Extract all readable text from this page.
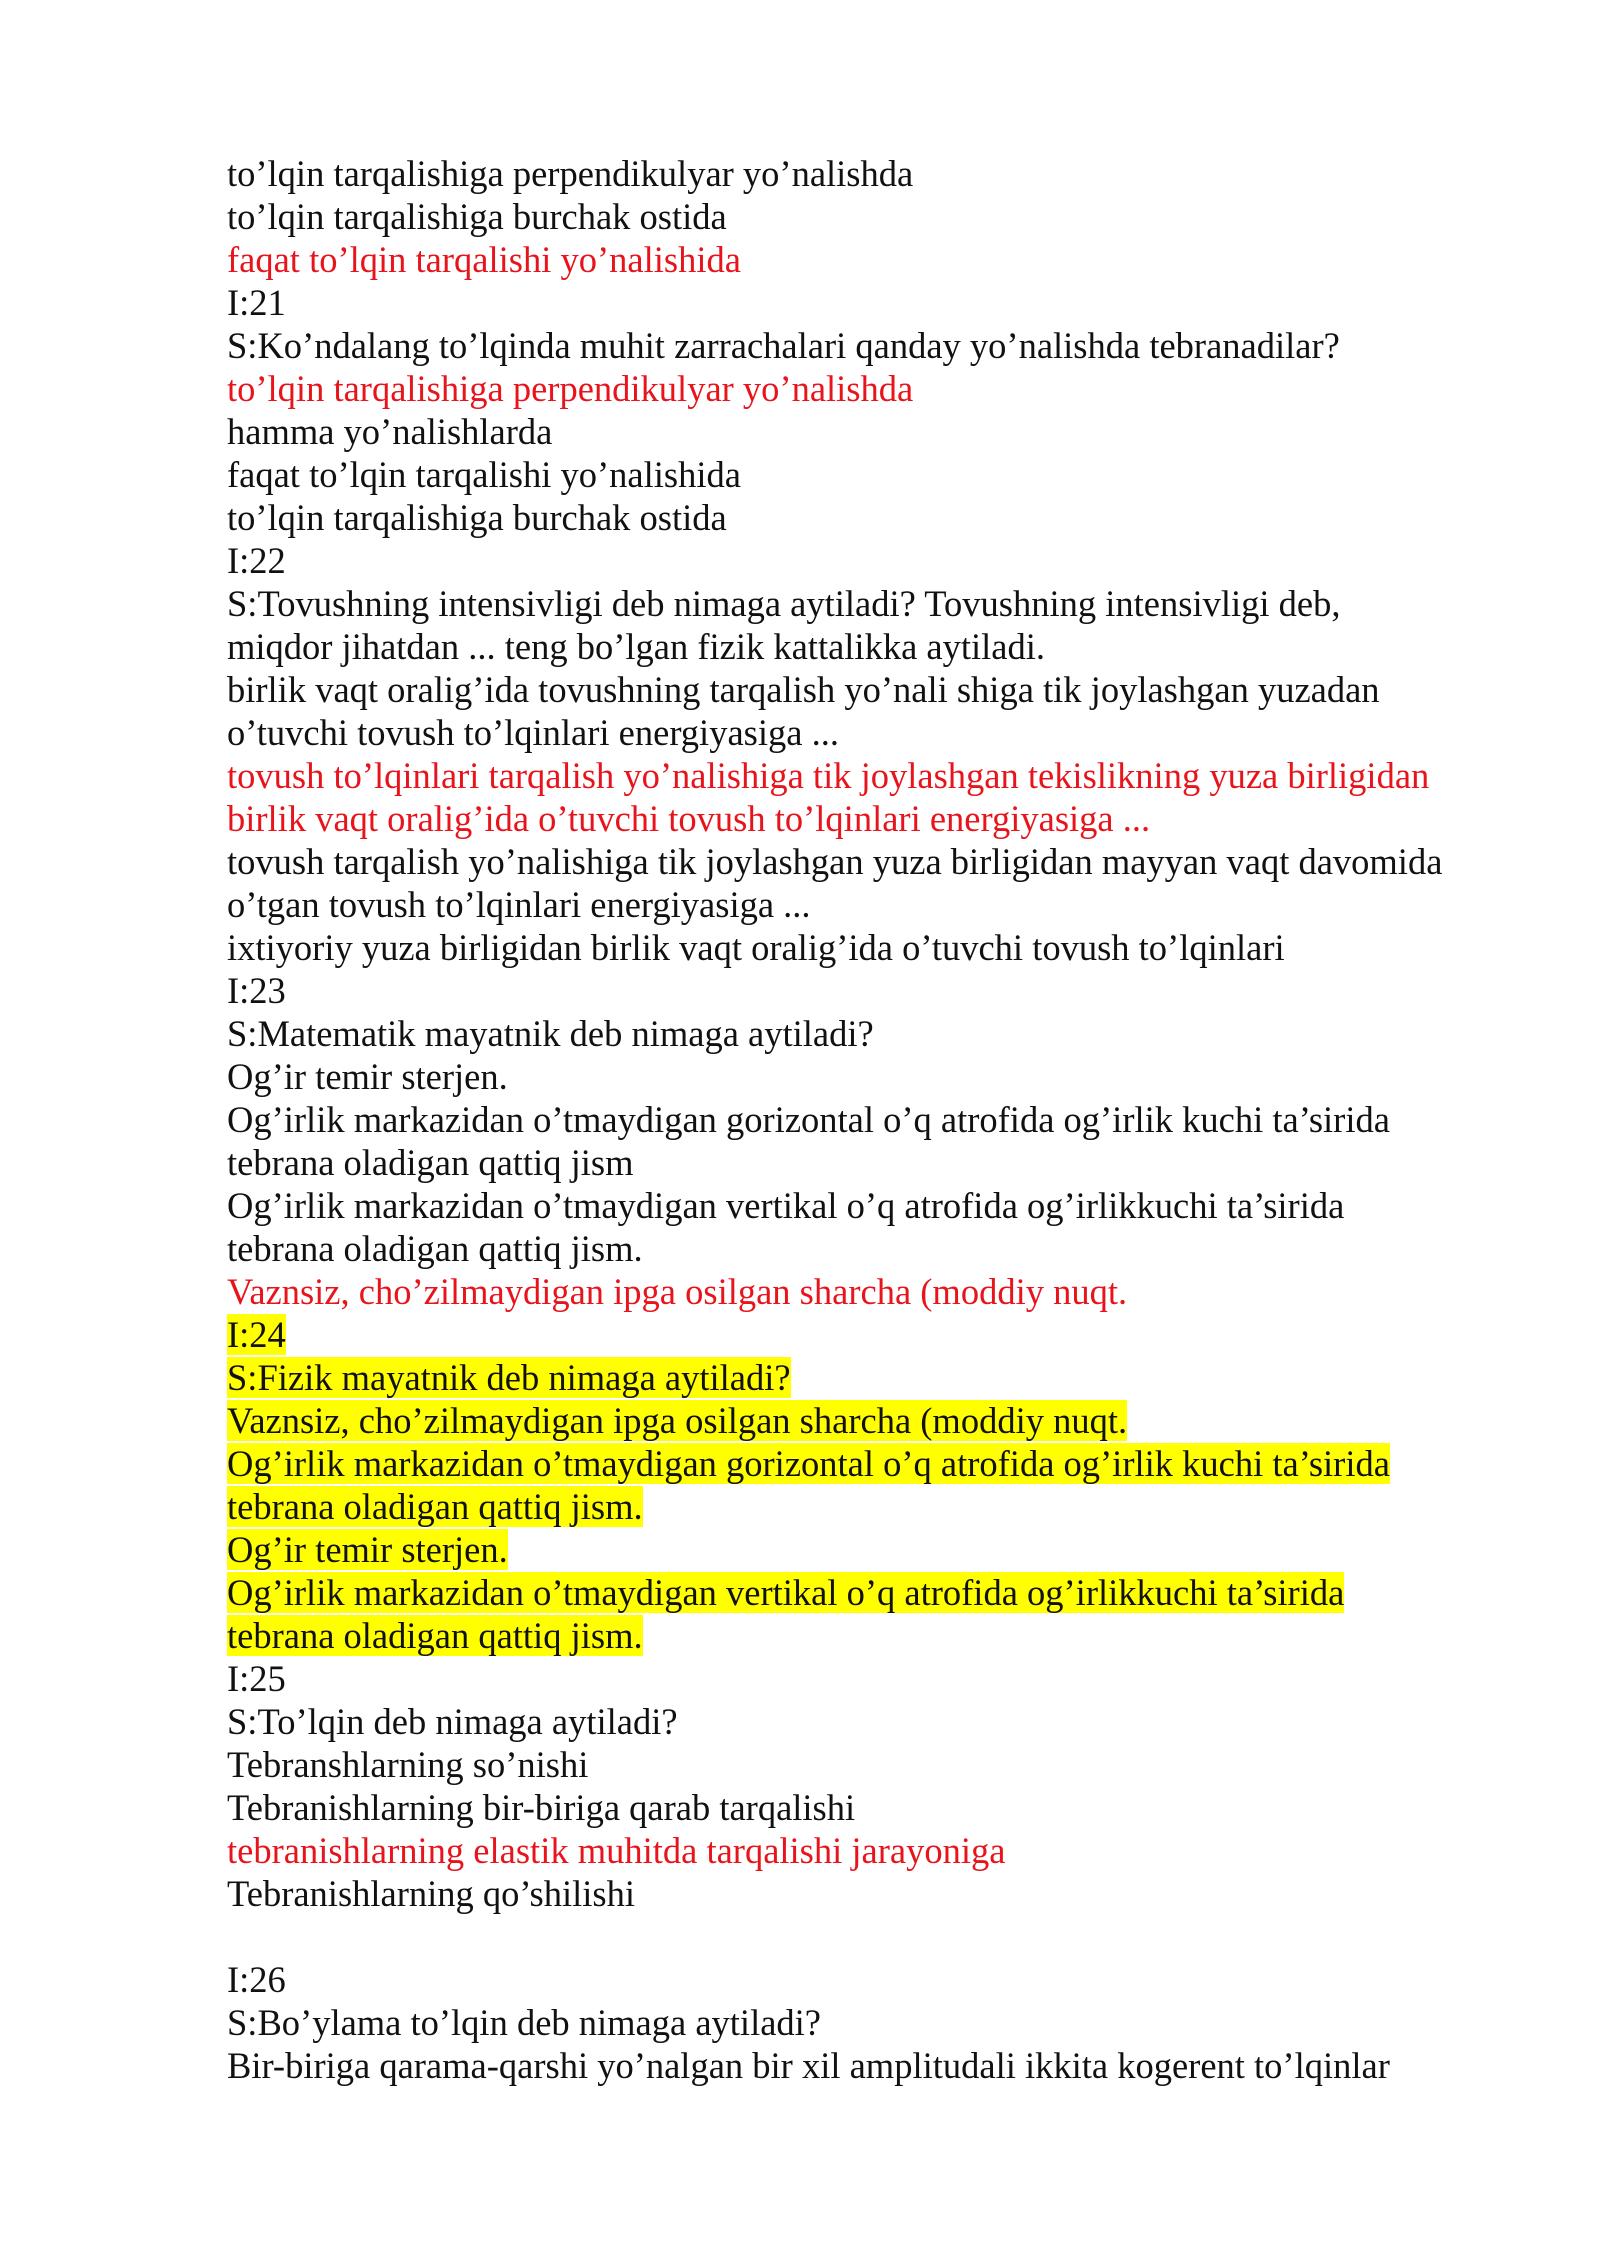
to’lqin tarqalishiga perpendikulyar yo’nalishda
to’lqin tarqalishiga burchak ostida
faqat to’lqin tarqalishi yo’nalishida
I:21
S:Ko’ndalang to’lqinda muhit zarrachalari qanday yo’nalishda tebranadilar?
to’lqin tarqalishiga perpendikulyar yo’nalishda
hamma yo’nalishlarda
faqat to’lqin tarqalishi yo’nalishida
to’lqin tarqalishiga burchak ostida
I:22
S:Tovushning intensivligi deb nimaga aytiladi? Tovushning intensivligi deb,
miqdor jihatdan ... teng bo’lgan fizik kattalikka aytiladi.
birlik vaqt oralig’ida tovushning tarqalish yo’nali shiga tik joylashgan yuzadan
o’tuvchi tovush to’lqinlari energiyasiga ...
tovush to’lqinlari tarqalish yo’nalishiga tik joylashgan tekislikning yuza birligidan
birlik vaqt oralig’ida o’tuvchi tovush to’lqinlari energiyasiga ...
tovush tarqalish yo’nalishiga tik joylashgan yuza birligidan mayyan vaqt davomida
o’tgan tovush to’lqinlari energiyasiga ...
ixtiyoriy yuza birligidan birlik vaqt oralig’ida o’tuvchi tovush to’lqinlari
I:23
S:Matematik mayatnik deb nimaga aytiladi?
Og’ir temir sterjen.
Og’irlik markazidan o’tmaydigan gorizontal o’q atrofida og’irlik kuchi ta’sirida
tebrana oladigan qattiq jism
Og’irlik markazidan o’tmaydigan vertikal o’q atrofida og’irlikkuchi ta’sirida
tebrana oladigan qattiq jism.
Vaznsiz, cho’zilmaydigan ipga osilgan sharcha (moddiy nuqt.
I:24
S:Fizik mayatnik deb nimaga aytiladi?
Vaznsiz, cho’zilmaydigan ipga osilgan sharcha (moddiy nuqt.
Og’irlik markazidan o’tmaydigan gorizontal o’q atrofida og’irlik kuchi ta’sirida
tebrana oladigan qattiq jism.
Og’ir temir sterjen.
Og’irlik markazidan o’tmaydigan vertikal o’q atrofida og’irlikkuchi ta’sirida
tebrana oladigan qattiq jism.
I:25
S:To’lqin deb nimaga aytiladi?
Tebranshlarning so’nishi
Tebranishlarning bir-biriga qarab tarqalishi
tebranishlarning elastik muhitda tarqalishi jarayoniga
Tebranishlarning qo’shilishi
I:26
S:Bo’ylama to’lqin deb nimaga aytiladi?
Bir-biriga qarama-qarshi yo’nalgan bir xil amplitudali ikkita kogerent to’lqinlar
